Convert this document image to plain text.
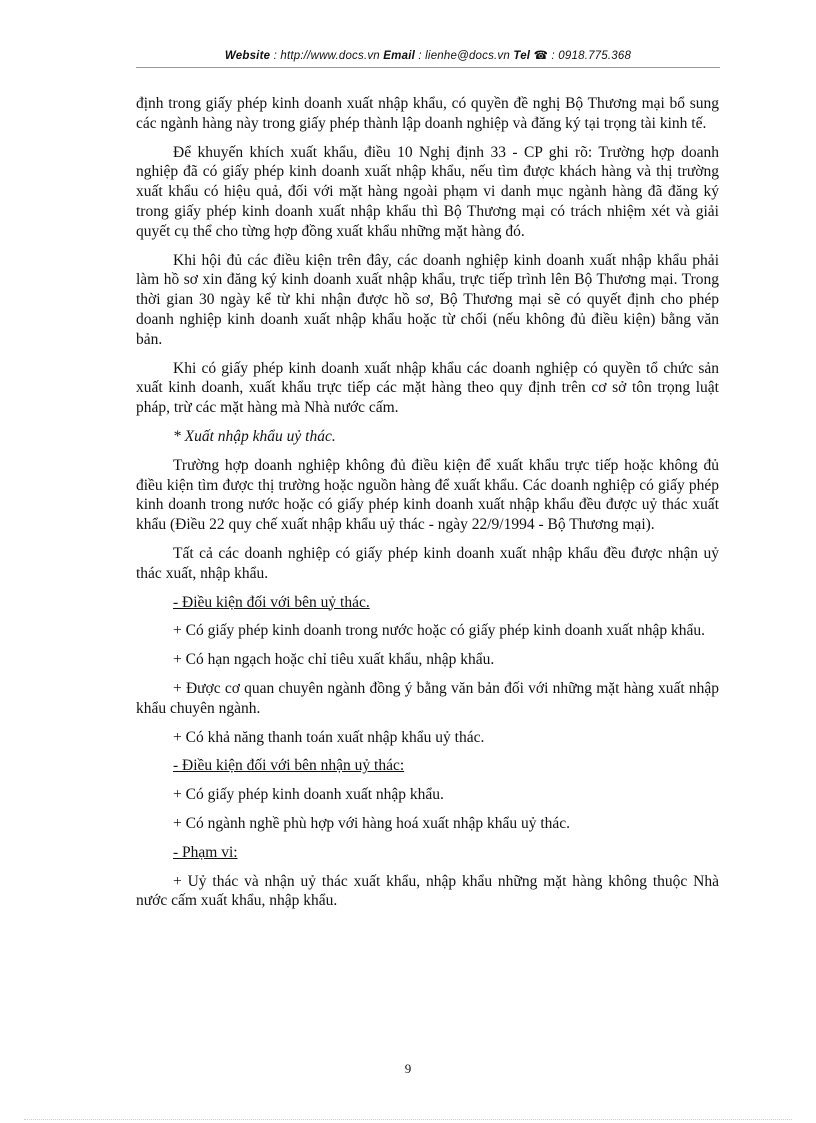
Website : http://www.docs.vn Email : lienhe@docs.vn Tel ☎ : 0918.775.368

định trong giấy phép kinh doanh xuất nhập khẩu, có quyền đề nghị Bộ Thương mại bổ sung các ngành hàng này trong giấy phép thành lập doanh nghiệp và đăng ký tại trọng tài kinh tế.

Để khuyến khích xuất khẩu, điều 10 Nghị định 33 - CP ghi rõ: Trường hợp doanh nghiệp đã có giấy phép kinh doanh xuất nhập khẩu, nếu tìm được khách hàng và thị trường xuất khẩu có hiệu quả, đối với mặt hàng ngoài phạm vi danh mục ngành hàng đã đăng ký trong giấy phép kinh doanh xuất nhập khẩu thì Bộ Thương mại có trách nhiệm xét và giải quyết cụ thể cho từng hợp đồng xuất khẩu những mặt hàng đó.

Khi hội đủ các điều kiện trên đây, các doanh nghiệp kinh doanh xuất nhập khẩu phải làm hồ sơ xin đăng ký kinh doanh xuất nhập khẩu, trực tiếp trình lên Bộ Thương mại. Trong thời gian 30 ngày kể từ khi nhận được hồ sơ, Bộ Thương mại sẽ có quyết định cho phép doanh nghiệp kinh doanh xuất nhập khẩu hoặc từ chối (nếu không đủ điều kiện) bằng văn bản.

Khi có giấy phép kinh doanh xuất nhập khẩu các doanh nghiệp có quyền tổ chức sản xuất kinh doanh, xuất khẩu trực tiếp các mặt hàng theo quy định trên cơ sở tôn trọng luật pháp, trừ các mặt hàng mà Nhà nước cấm.

* Xuất nhập khẩu uỷ thác.

Trường hợp doanh nghiệp không đủ điều kiện để xuất khẩu trực tiếp hoặc không đủ điều kiện tìm được thị trường hoặc nguồn hàng để xuất khẩu. Các doanh nghiệp có giấy phép kinh doanh trong nước hoặc có giấy phép kinh doanh xuất nhập khẩu đều được uỷ thác xuất khẩu (Điều 22 quy chế xuất nhập khẩu uỷ thác - ngày 22/9/1994 - Bộ Thương mại).

Tất cả các doanh nghiệp có giấy phép kinh doanh xuất nhập khẩu đều được nhận uỷ thác xuất, nhập khẩu.

- Điều kiện đối với bên uỷ thác.

+ Có giấy phép kinh doanh trong nước hoặc có giấy phép kinh doanh xuất nhập khẩu.

+ Có hạn ngạch hoặc chỉ tiêu xuất khẩu, nhập khẩu.

+ Được cơ quan chuyên ngành đồng ý bằng văn bản đối với những mặt hàng xuất nhập khẩu chuyên ngành.

+ Có khả năng thanh toán xuất nhập khẩu uỷ thác.

- Điều kiện đối với bên nhận uỷ thác:

+ Có giấy phép kinh doanh xuất nhập khẩu.

+ Có ngành nghề phù hợp với hàng hoá xuất nhập khẩu uỷ thác.

- Phạm vi:

+ Uỷ thác và nhận uỷ thác xuất khẩu, nhập khẩu những mặt hàng không thuộc Nhà nước cấm xuất khẩu, nhập khẩu.

9
